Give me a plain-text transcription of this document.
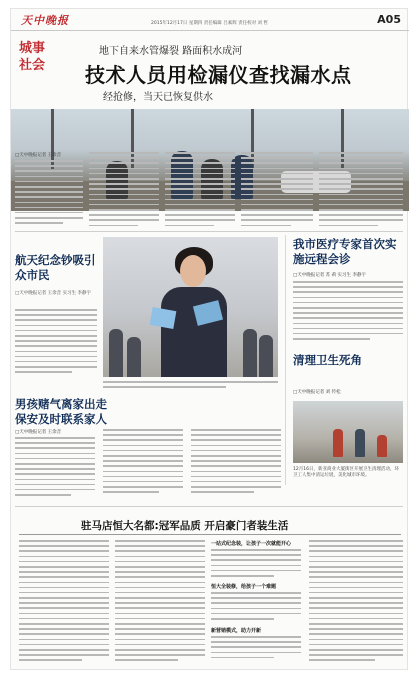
天中晚报	2015年12月17日 星期四 责任编辑 吕素辉 责任校对 刘 哲	A05
城事社会
地下自来水管爆裂 路面积水成河
技术人员用检漏仪查找漏水点
经抢修，当天已恢复供水
□天中晚报记者 王余音
航天纪念钞吸引众市民
□天中晚报记者 王余音 实习生 李静宇
我市医疗专家首次实施远程会诊
□天中晚报记者 苏 莉 实习生 李静宇
清理卫生死角
□天中晚报记者 刘 传松
12月16日，新亚商业大厦街区开展卫生清理活动，环卫工人集中清运垃圾，美化城市环境。
男孩赌气离家出走 保安及时联系家人
□天中晚报记者 王余音
驻马店恒大名都:冠军品质 开启豪门者装生活
一站式纪念装，让孩子一次就能开心
恒大全装修，给孩子一个难题
新营销模式，助力开新
